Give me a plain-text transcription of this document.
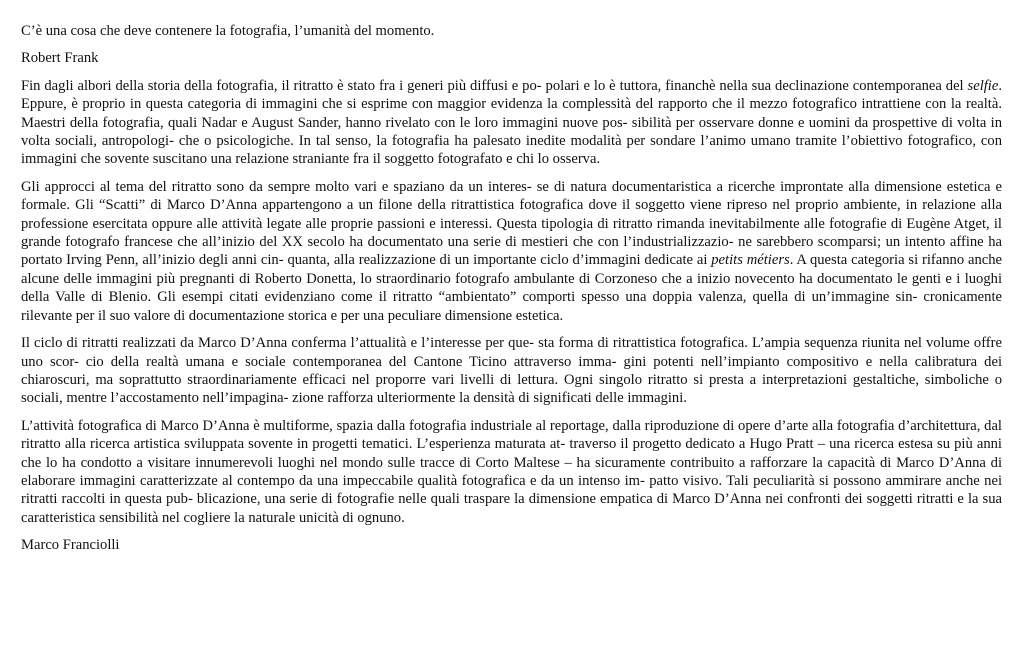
C’è una cosa che deve contenere la fotografia, l’umanità del momento.

Robert Frank

Fin dagli albori della storia della fotografia, il ritratto è stato fra i generi più diffusi e po- polari e lo è tuttora, financhè nella sua declinazione contemporanea del selfie. Eppure, è proprio in questa categoria di immagini che si esprime con maggior evidenza la complessità del rapporto che il mezzo fotografico intrattiene con la realtà. Maestri della fotografia, quali Nadar e August Sander, hanno rivelato con le loro immagini nuove pos- sibilità per osservare donne e uomini da prospettive di volta in volta sociali, antropologi- che o psicologiche. In tal senso, la fotografia ha palesato inedite modalità per sondare l’animo umano tramite l’obiettivo fotografico, con immagini che sovente suscitano una relazione straniante fra il soggetto fotografato e chi lo osserva.

Gli approcci al tema del ritratto sono da sempre molto vari e spaziano da un interes- se di natura documentaristica a ricerche improntate alla dimensione estetica e formale. Gli “Scatti” di Marco D’Anna appartengono a un filone della ritrattistica fotografica dove il soggetto viene ripreso nel proprio ambiente, in relazione alla professione esercitata oppure alle attività legate alle proprie passioni e interessi. Questa tipologia di ritratto rimanda inevitabilmente alle fotografie di Eugène Atget, il grande fotografo francese che all’inizio del XX secolo ha documentato una serie di mestieri che con l’industrializzazio- ne sarebbero scomparsi; un intento affine ha portato Irving Penn, all’inizio degli anni cin- quanta, alla realizzazione di un importante ciclo d’immagini dedicate ai petits métiers. A questa categoria si rifanno anche alcune delle immagini più pregnanti di Roberto Donetta, lo straordinario fotografo ambulante di Corzoneso che a inizio novecento ha documentato le genti e i luoghi della Valle di Blenio. Gli esempi citati evidenziano come il ritratto “ambientato” comporti spesso una doppia valenza, quella di un’immagine sin- cronicamente rilevante per il suo valore di documentazione storica e per una peculiare dimensione estetica.

Il ciclo di ritratti realizzati da Marco D’Anna conferma l’attualità e l’interesse per que- sta forma di ritrattistica fotografica. L’ampia sequenza riunita nel volume offre uno scor- cio della realtà umana e sociale contemporanea del Cantone Ticino attraverso imma- gini potenti nell’impianto compositivo e nella calibratura dei chiaroscuri, ma soprattutto straordinariamente efficaci nel proporre vari livelli di lettura. Ogni singolo ritratto si presta a interpretazioni gestaltiche, simboliche o sociali, mentre l’accostamento nell’impagina- zione rafforza ulteriormente la densità di significati delle immagini.

L’attività fotografica di Marco D’Anna è multiforme, spazia dalla fotografia industriale al reportage, dalla riproduzione di opere d’arte alla fotografia d’architettura, dal ritratto alla ricerca artistica sviluppata sovente in progetti tematici. L’esperienza maturata at- traverso il progetto dedicato a Hugo Pratt – una ricerca estesa su più anni che lo ha condotto a visitare innumerevoli luoghi nel mondo sulle tracce di Corto Maltese – ha sicuramente contribuito a rafforzare la capacità di Marco D’Anna di elaborare immagini caratterizzate al contempo da una impeccabile qualità fotografica e da un intenso im- patto visivo. Tali peculiarità si possono ammirare anche nei ritratti raccolti in questa pub- blicazione, una serie di fotografie nelle quali traspare la dimensione empatica di Marco D’Anna nei confronti dei soggetti ritratti e la sua caratteristica sensibilità nel cogliere la naturale unicità di ognuno.

Marco Franciolli
